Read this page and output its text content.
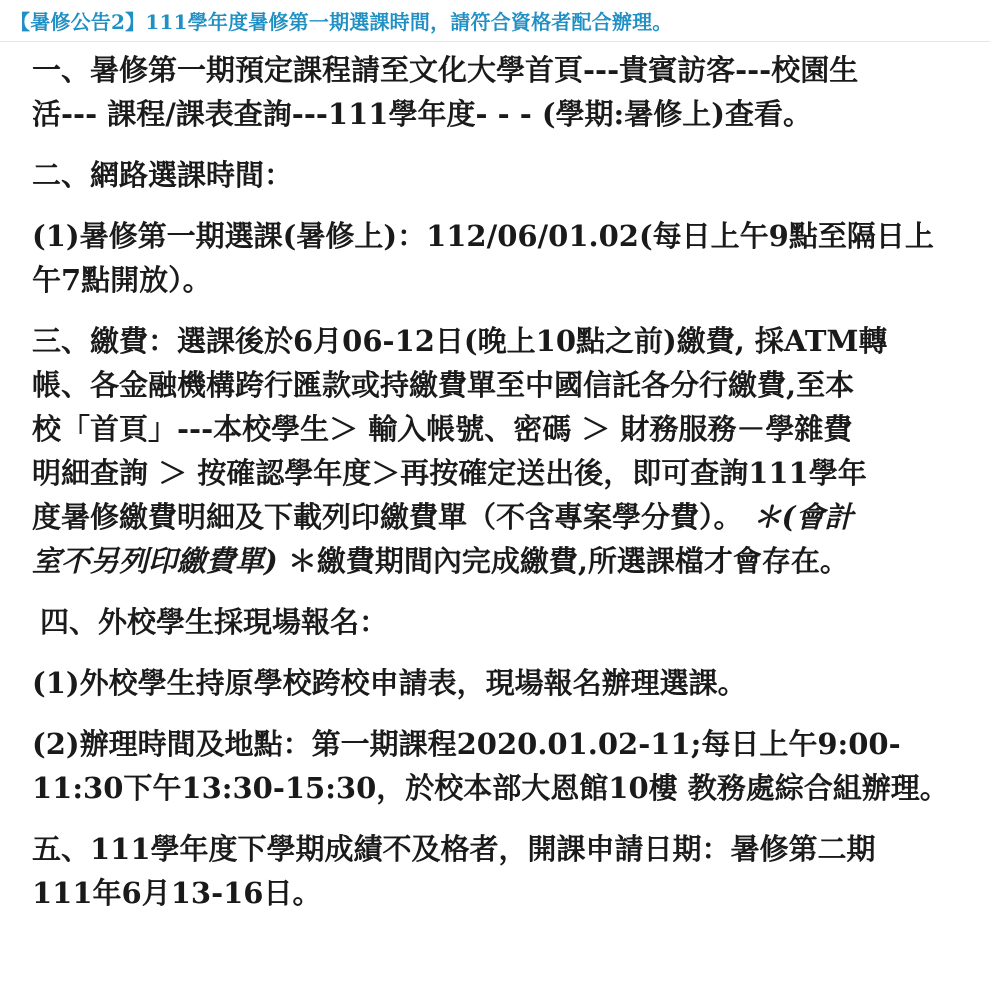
【暑修公告2】111學年度暑修第一期選課時間，請符合資格者配合辦理。

一、暑修第一期預定課程請至文化大學首頁---貴賓訪客---校園生
活--- 課程/課表查詢---111學年度- - - (學期:暑修上)查看。

二、網路選課時間：

(1)暑修第一期選課(暑修上)：112/06/01.02(每日上午9點至隔日上
午7點開放）。

三、繳費：選課後於6月06-12日(晚上10點之前)繳費, 採ATM轉
帳、各金融機構跨行匯款或持繳費單至中國信託各分行繳費,至本
校「首頁」---本校學生＞ 輸入帳號、密碼 ＞ 財務服務－學雜費
明細查詢 ＞ 按確認學年度＞再按確定送出後，即可查詢111學年
度暑修繳費明細及下載列印繳費單（不含專案學分費）。 ＊(會計
室不另列印繳費單) ＊繳費期間內完成繳費,所選課檔才會存在。

四、外校學生採現場報名：

(1)外校學生持原學校跨校申請表，現場報名辦理選課。

(2)辦理時間及地點：第一期課程2020.01.02-11;每日上午9:00-
11:30下午13:30-15:30，於校本部大恩館10樓 教務處綜合組辦理。

五、111學年度下學期成績不及格者，開課申請日期：暑修第二期
111年6月13-16日。
